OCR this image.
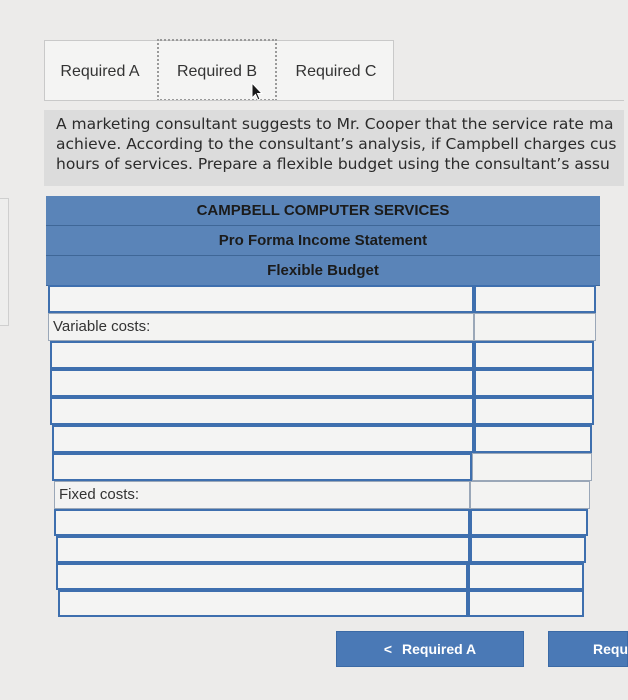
Required A	Required B	Required C
A marketing consultant suggests to Mr. Cooper that the service rate ma
achieve. According to the consultant’s analysis, if Campbell charges cus
hours of services. Prepare a flexible budget using the consultant’s assu
CAMPBELL COMPUTER SERVICES
Pro Forma Income Statement
Flexible Budget
Variable costs:
Fixed costs:
< Required A	Requ
